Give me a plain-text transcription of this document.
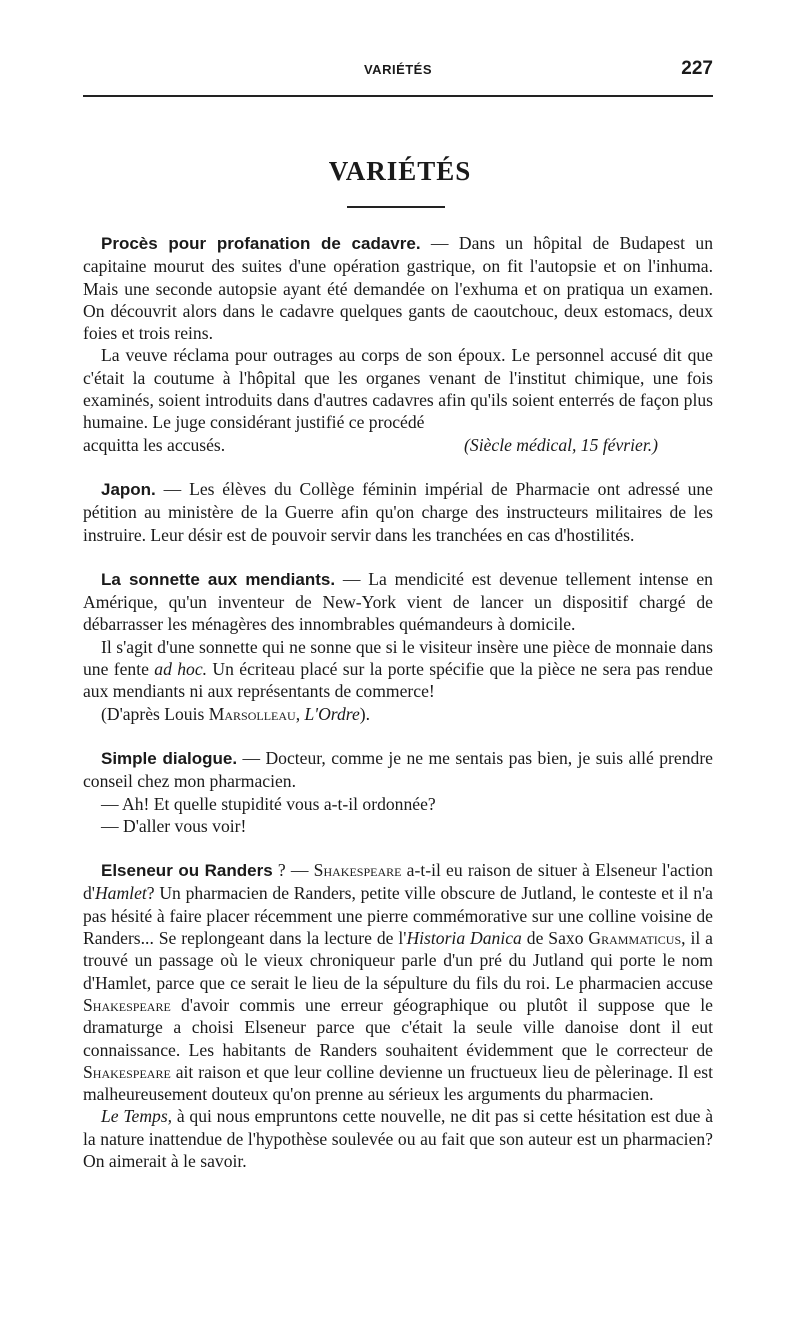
VARIÉTÉS	227
VARIÉTÉS

Procès pour profanation de cadavre. — Dans un hôpital de Budapest un capitaine mourut des suites d'une opération gastrique, on fit l'autopsie et on l'inhuma. Mais une seconde autopsie ayant été demandée on l'exhuma et on pratiqua un examen. On découvrit alors dans le cadavre quelques gants de caoutchouc, deux estomacs, deux foies et trois reins.

La veuve réclama pour outrages au corps de son époux. Le personnel accusé dit que c'était la coutume à l'hôpital que les organes venant de l'institut chimique, une fois examinés, soient introduits dans d'autres cadavres afin qu'ils soient enterrés de façon plus humaine. Le juge considérant justifié ce procédé

acquitta les accusés.	(Siècle médical, 15 février.)

Japon. — Les élèves du Collège féminin impérial de Pharmacie ont adressé une pétition au ministère de la Guerre afin qu'on charge des instructeurs militaires de les instruire. Leur désir est de pouvoir servir dans les tranchées en cas d'hostilités.

La sonnette aux mendiants. — La mendicité est devenue tellement intense en Amérique, qu'un inventeur de New-York vient de lancer un dispositif chargé de débarrasser les ménagères des innombrables quémandeurs à domicile.

Il s'agit d'une sonnette qui ne sonne que si le visiteur insère une pièce de monnaie dans une fente ad hoc. Un écriteau placé sur la porte spécifie que la pièce ne sera pas rendue aux mendiants ni aux représentants de commerce!

(D'après Louis Marsolleau, L'Ordre).

Simple dialogue. — Docteur, comme je ne me sentais pas bien, je suis allé prendre conseil chez mon pharmacien.

— Ah! Et quelle stupidité vous a-t-il ordonnée?

— D'aller vous voir!

Elseneur ou Randers ? — Shakespeare a-t-il eu raison de situer à Elseneur l'action d'Hamlet? Un pharmacien de Randers, petite ville obscure de Jutland, le conteste et il n'a pas hésité à faire placer récemment une pierre commémorative sur une colline voisine de Randers... Se replongeant dans la lecture de l'Historia Danica de Saxo Grammaticus, il a trouvé un passage où le vieux chroniqueur parle d'un pré du Jutland qui porte le nom d'Hamlet, parce que ce serait le lieu de la sépulture du fils du roi. Le pharmacien accuse Shakespeare d'avoir commis une erreur géographique ou plutôt il suppose que le dramaturge a choisi Elseneur parce que c'était la seule ville danoise dont il eut connaissance. Les habitants de Randers souhaitent évidemment que le correcteur de Shakespeare ait raison et que leur colline devienne un fructueux lieu de pèlerinage. Il est malheureusement douteux qu'on prenne au sérieux les arguments du pharmacien.

Le Temps, à qui nous empruntons cette nouvelle, ne dit pas si cette hésitation est due à la nature inattendue de l'hypothèse soulevée ou au fait que son auteur est un pharmacien? On aimerait à le savoir.
